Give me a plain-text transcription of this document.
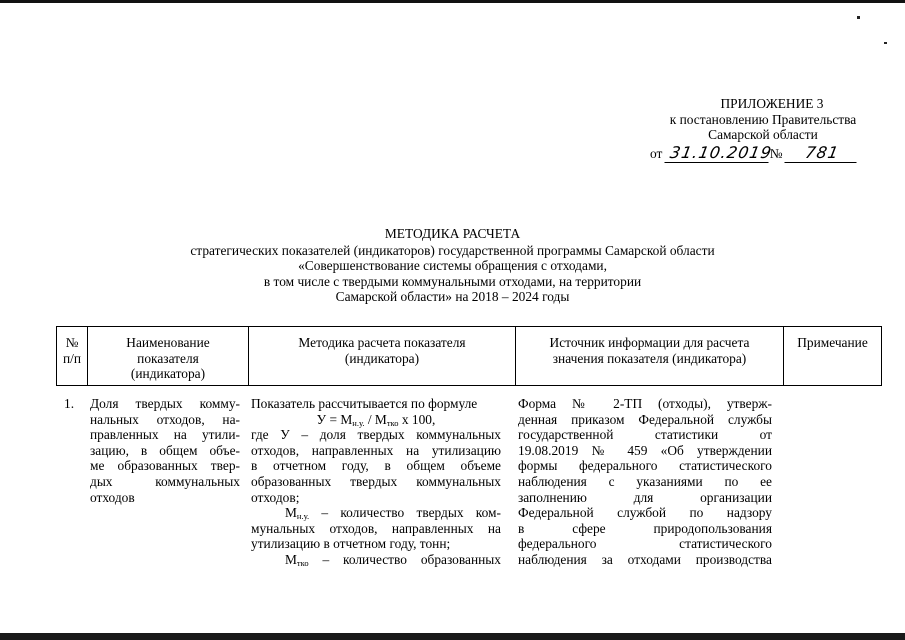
ПРИЛОЖЕНИЕ 3
к постановлению Правительства
Самарской области
от 31.10.2019№ 781
МЕТОДИКА РАСЧЕТА
стратегических показателей (индикаторов) государственной программы Самарской области
«Совершенствование системы обращения с отходами,
в том числе с твердыми коммунальными отходами, на территории
Самарской области» на 2018 – 2024 годы
№
п/п
Наименование
показателя
(индикатора)
Методика расчета показателя
(индикатора)
Источник информации для расчета
значения показателя (индикатора)
Примечание
1.	Доля твердых комму-
нальных отходов, на-
правленных на утили-
зацию, в общем объе-
ме образованных твер-
дых коммунальных
отходов
Показатель рассчитывается по формуле
$У = М_{н.у.} / М_{тко}$ х 100,
где У – доля твердых коммунальных
отходов, направленных на утилизацию
в отчетном году, в общем объеме
образованных твердых коммунальных
отходов;
$М_{н.у.}$ – количество твердых ком-
мунальных отходов, направленных на
утилизацию в отчетном году, тонн;
$М_{тко}$ – количество образованных
Форма № 2-ТП (отходы), утверж-
денная приказом Федеральной службы
государственной статистики от
19.08.2019 № 459 «Об утверждении
формы федерального статистического
наблюдения с указаниями по ее
заполнению для организации
Федеральной службой по надзору
в сфере природопользования
федерального статистического
наблюдения за отходами производства
